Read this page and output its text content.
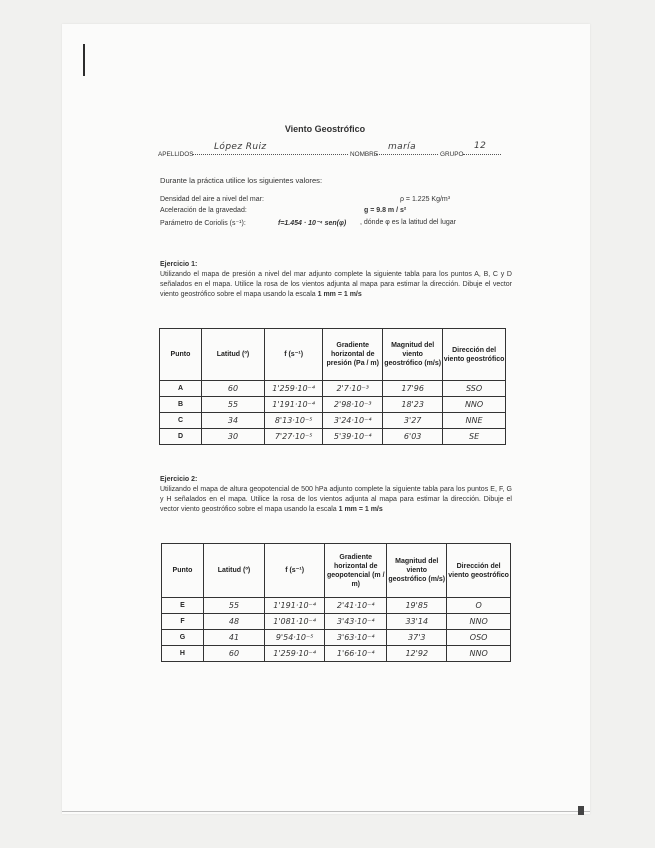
Viento Geostrófico
APELLIDOS
López Ruiz
NOMBRE
maría
GRUPO
12
Durante la práctica utilice los siguientes valores:
Densidad del aire a nivel del mar:	ρ = 1.225 Kg/m³
Aceleración de la gravedad:	g = 9.8 m / s²
Parámetro de Coriolis (s⁻¹):	f=1.454 · 10⁻⁴ sen(φ) , dónde φ es la latitud del lugar
Ejercicio 1:
Utilizando el mapa de presión a nivel del mar adjunto complete la siguiente tabla para los puntos A, B, C y D señalados en el mapa. Utilice la rosa de los vientos adjunta al mapa para estimar la dirección. Dibuje el vector viento geostrófico sobre el mapa usando la escala 1 mm = 1 m/s
Punto	Latitud (º)	f (s⁻¹)	Gradiente horizontal de presión (Pa / m)	Magnitud del viento geostrófico (m/s)	Dirección del viento geostrófico
A	60	1'259·10⁻⁴	2'7·10⁻³	17'96	SSO
B	55	1'191·10⁻⁴	2'98·10⁻³	18'23	NNO
C	34	8'13·10⁻⁵	3'24·10⁻⁴	3'27	NNE
D	30	7'27·10⁻⁵	5'39·10⁻⁴	6'03	SE
Ejercicio 2:
Utilizando el mapa de altura geopotencial de 500 hPa adjunto complete la siguiente tabla para los puntos E, F, G y H señalados en el mapa. Utilice la rosa de los vientos adjunta al mapa para estimar la dirección. Dibuje el vector viento geostrófico sobre el mapa usando la escala 1 mm = 1 m/s
Punto	Latitud (º)	f (s⁻¹)	Gradiente horizontal de geopotencial (m / m)	Magnitud del viento geostrófico (m/s)	Dirección del viento geostrófico
E	55	1'191·10⁻⁴	2'41·10⁻⁴	19'85	O
F	48	1'081·10⁻⁴	3'43·10⁻⁴	33'14	NNO
G	41	9'54·10⁻⁵	3'63·10⁻⁴	37'3	OSO
H	60	1'259·10⁻⁴	1'66·10⁻⁴	12'92	NNO
